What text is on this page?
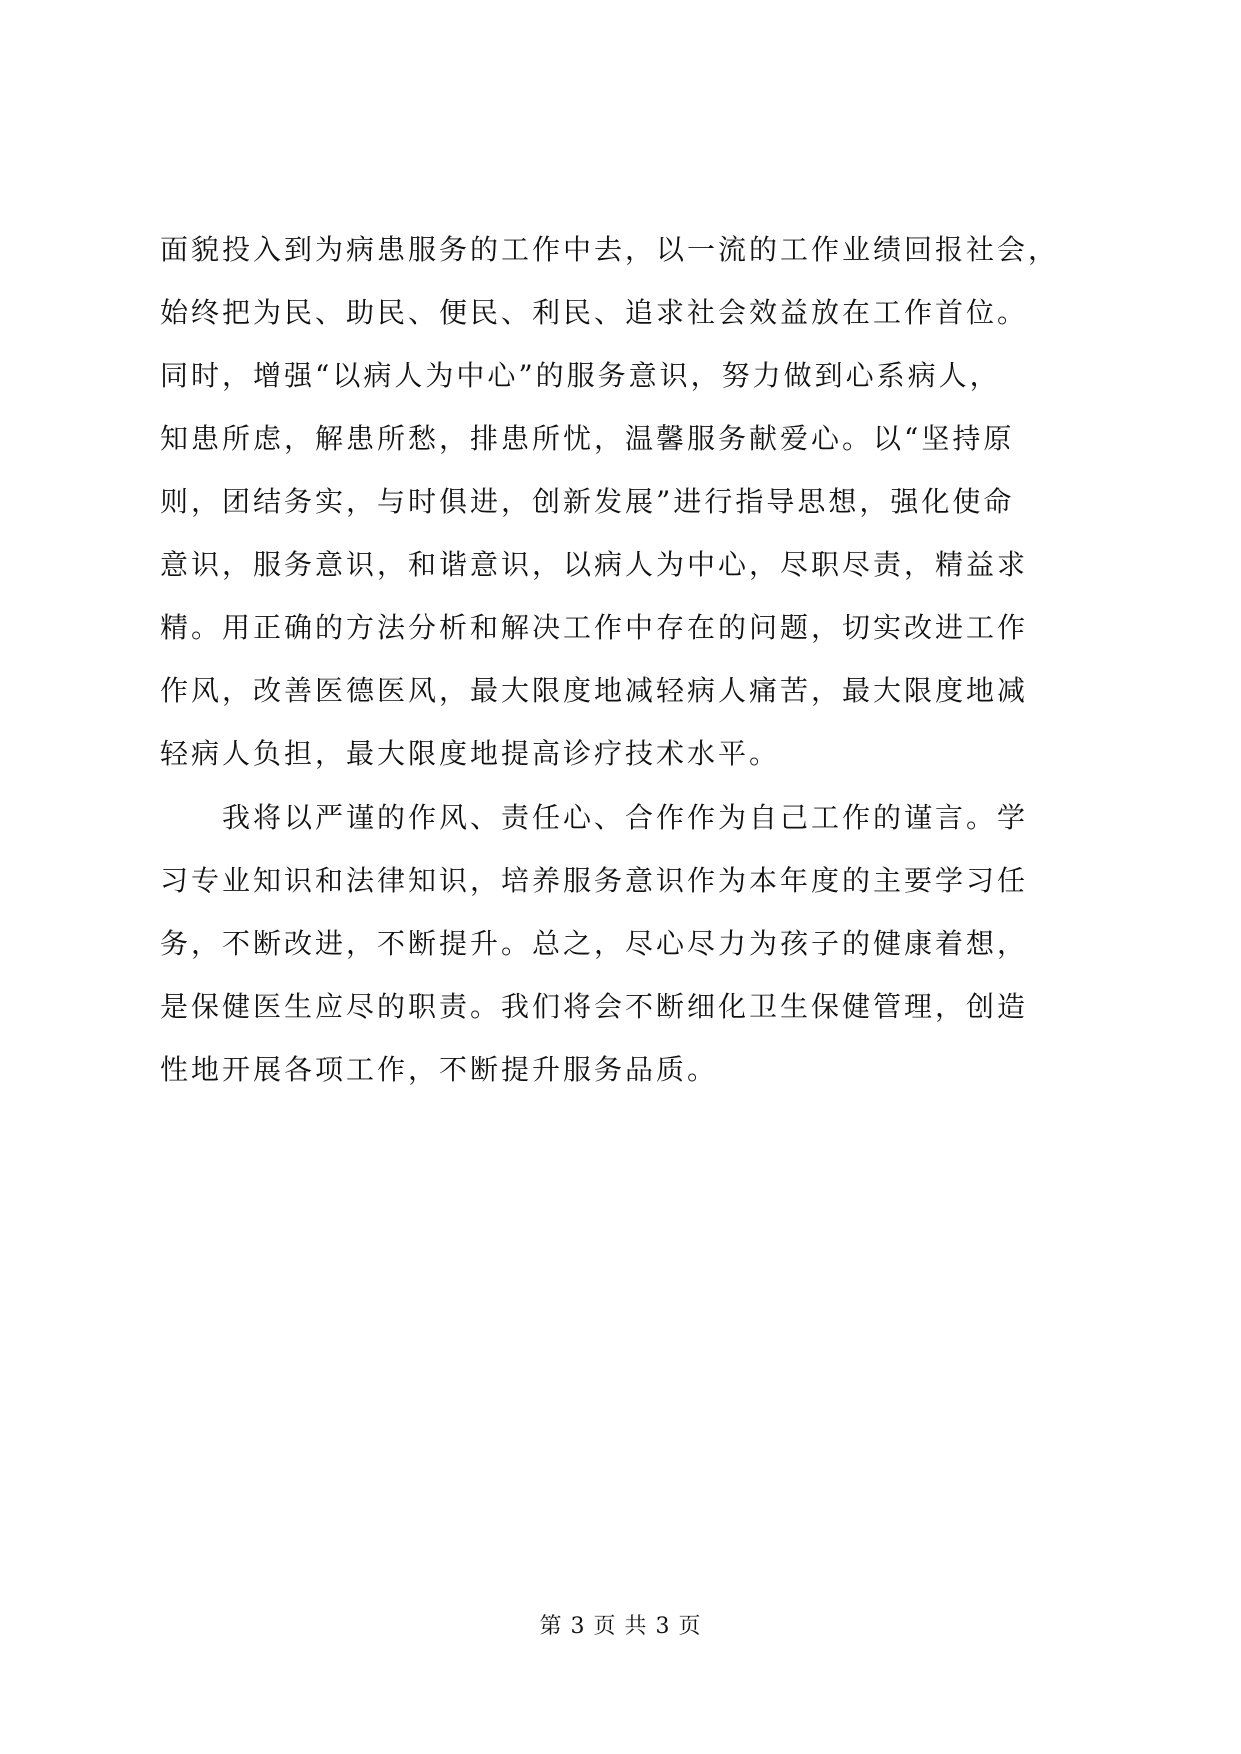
面貌投入到为病患服务的工作中去，以一流的工作业绩回报社会，
始终把为民、助民、便民、利民、追求社会效益放在工作首位。
同时，增强“以病人为中心”的服务意识，努力做到心系病人，
知患所虑，解患所愁，排患所忧，温馨服务献爱心。以“坚持原
则，团结务实，与时俱进，创新发展”进行指导思想，强化使命
意识，服务意识，和谐意识，以病人为中心，尽职尽责，精益求
精。用正确的方法分析和解决工作中存在的问题，切实改进工作
作风，改善医德医风，最大限度地减轻病人痛苦，最大限度地减
轻病人负担，最大限度地提高诊疗技术水平。
　　我将以严谨的作风、责任心、合作作为自己工作的谨言。学
习专业知识和法律知识，培养服务意识作为本年度的主要学习任
务，不断改进，不断提升。总之，尽心尽力为孩子的健康着想，
是保健医生应尽的职责。我们将会不断细化卫生保健管理，创造
性地开展各项工作，不断提升服务品质。
第 3 页 共 3 页
